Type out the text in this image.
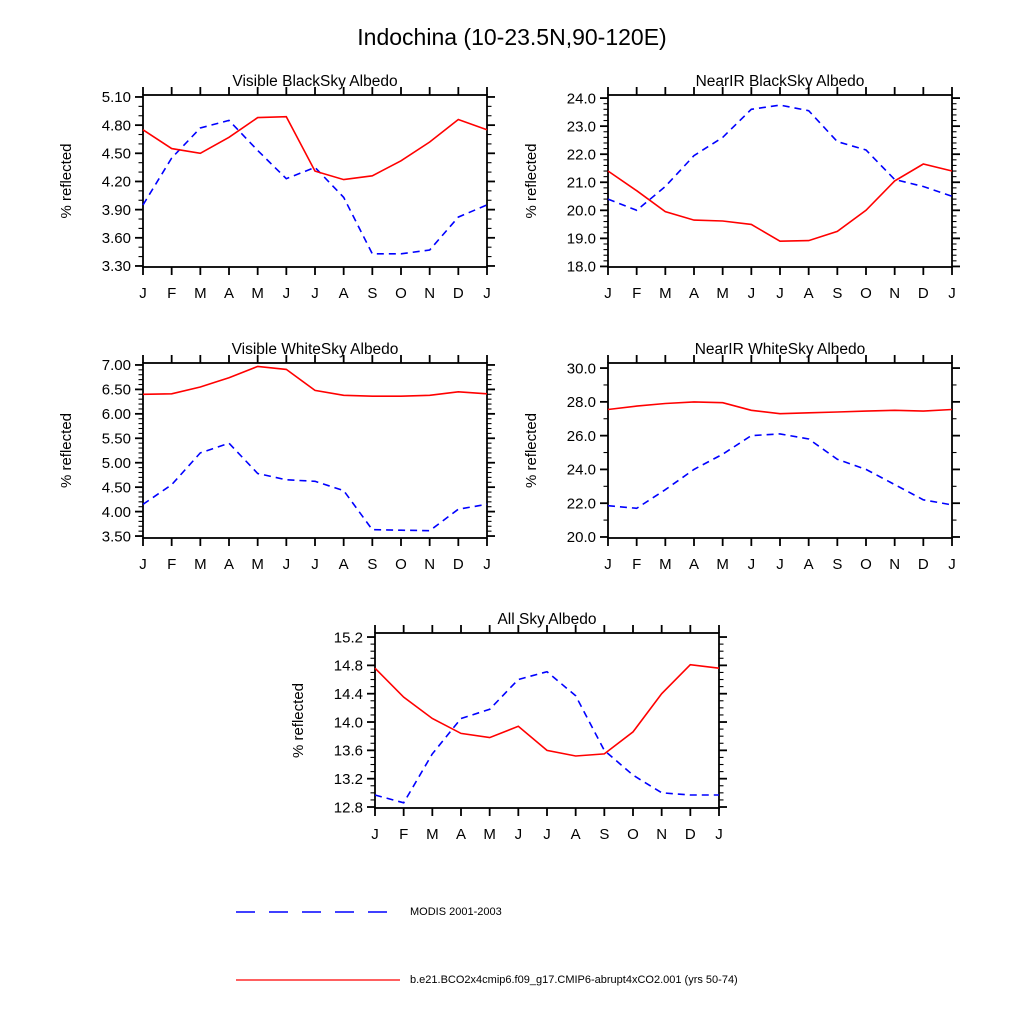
Indochina (10-23.5N,90-120E)
Visible BlackSky Albedo
3.30
3.60
3.90
4.20
4.50
4.80
5.10
J F M A M J J A S O N D J
% reflected
NearIR BlackSky Albedo
18.0
19.0
20.0
21.0
22.0
23.0
24.0
J F M A M J J A S O N D J
% reflected
Visible WhiteSky Albedo
3.50
4.00
4.50
5.00
5.50
6.00
6.50
7.00
J F M A M J J A S O N D J
% reflected
NearIR WhiteSky Albedo
20.0
22.0
24.0
26.0
28.0
30.0
J F M A M J J A S O N D J
% reflected
All Sky Albedo
12.8
13.2
13.6
14.0
14.4
14.8
15.2
J F M A M J J A S O N D J
% reflected
MODIS 2001-2003
b.e21.BCO2x4cmip6.f09_g17.CMIP6-abrupt4xCO2.001 (yrs 50-74)
